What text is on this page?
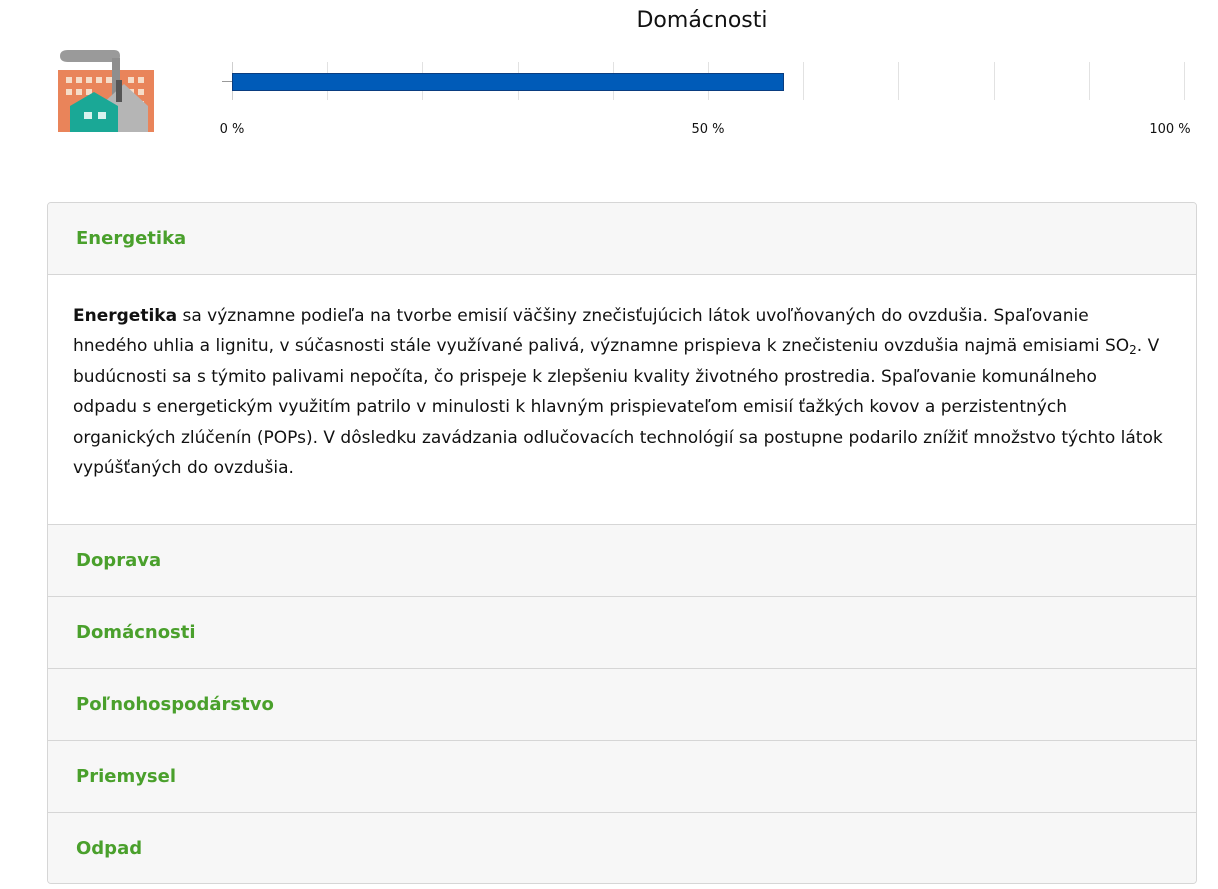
Domácnosti
Energetika

Energetika sa významne podieľa na tvorbe emisií väčšiny znečisťujúcich látok uvoľňovaných do ovzdušia. Spaľovanie hnedého uhlia a lignitu, v súčasnosti stále využívané palivá, významne prispieva k znečisteniu ovzdušia najmä emisiami $SO_2$. V budúcnosti sa s týmito palivami nepočíta, čo prispeje k zlepšeniu kvality životného prostredia. Spaľovanie komunálneho odpadu s energetickým využitím patrilo v minulosti k hlavným prispievateľom emisií ťažkých kovov a perzistentných organických zlúčenín (POPs). V dôsledku zavádzania odlučovacích technológií sa postupne podarilo znížiť množstvo týchto látok vypúšťaných do ovzdušia.

Doprava
Domácnosti
Poľnohospodárstvo
Priemysel
Odpad
0 %	50 %	100 %
